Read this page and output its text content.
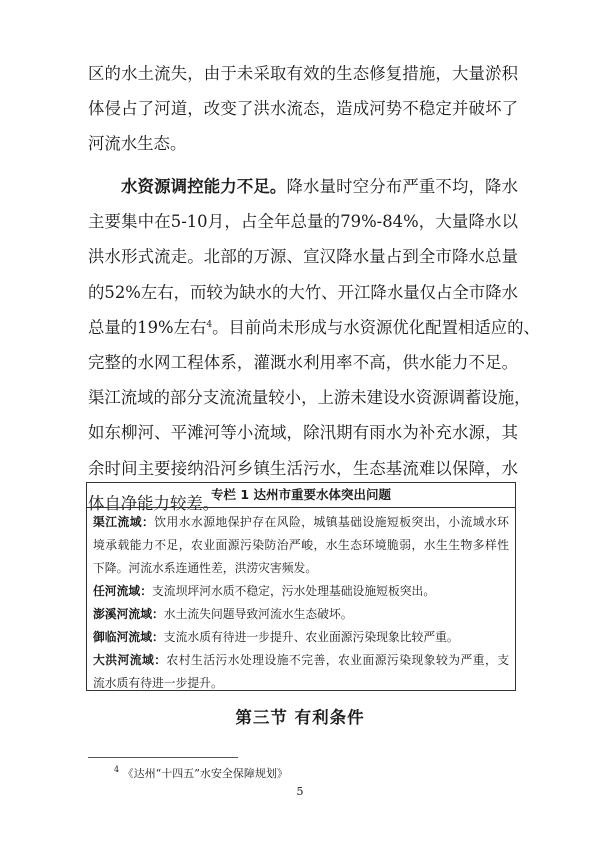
区的水土流失，由于未采取有效的生态修复措施，大量淤积
体侵占了河道，改变了洪水流态，造成河势不稳定并破坏了
河流水生态。
水资源调控能力不足。降水量时空分布严重不均，降水
主要集中在5-10月，占全年总量的79%-84%，大量降水以
洪水形式流走。北部的万源、宣汉降水量占到全市降水总量
的52%左右，而较为缺水的大竹、开江降水量仅占全市降水
总量的19%左右$^4$。目前尚未形成与水资源优化配置相适应的、
完整的水网工程体系，灌溉水利用率不高，供水能力不足。
渠江流域的部分支流流量较小，上游未建设水资源调蓄设施，
如东柳河、平滩河等小流域，除汛期有雨水为补充水源，其
余时间主要接纳沿河乡镇生活污水，生态基流难以保障，水
体自净能力较差。
专栏 1 达州市重要水体突出问题
渠江流域：饮用水水源地保护存在风险，城镇基础设施短板突出，小流域水环
境承载能力不足，农业面源污染防治严峻，水生态环境脆弱，水生生物多样性
下降。河流水系连通性差，洪涝灾害频发。
任河流域：支流坝坪河水质不稳定，污水处理基础设施短板突出。
澎溪河流域：水土流失问题导致河流水生态破坏。
御临河流域：支流水质有待进一步提升、农业面源污染现象比较严重。
大洪河流域：农村生活污水处理设施不完善，农业面源污染现象较为严重，支
流水质有待进一步提升。
第三节 有利条件
$^4$ 《达州“十四五”水安全保障规划》
5
